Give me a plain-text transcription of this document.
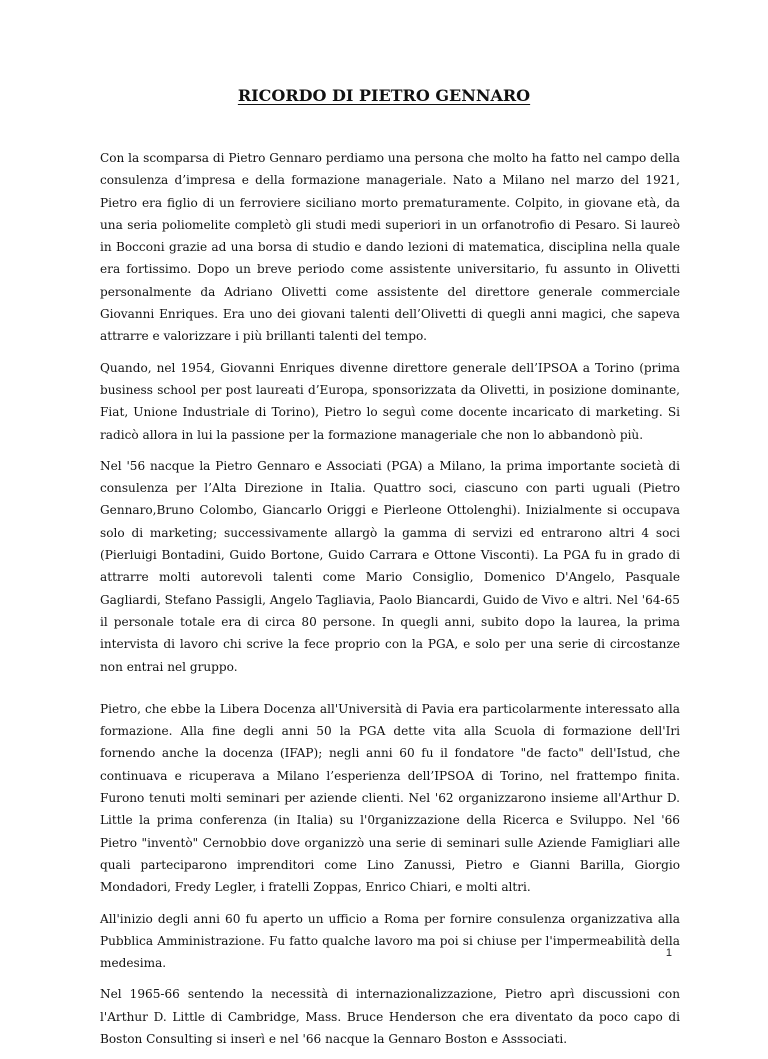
RICORDO DI PIETRO GENNARO

Con la scomparsa di Pietro Gennaro perdiamo una persona che molto ha fatto nel campo della consulenza d’impresa e della formazione manageriale. Nato a Milano nel marzo del 1921, Pietro era figlio di un ferroviere siciliano morto prematuramente. Colpito, in giovane età, da una seria poliomelite completò gli studi medi superiori in un orfanotrofio di Pesaro. Si laureò in Bocconi grazie ad una borsa di studio e dando lezioni di matematica, disciplina nella quale era fortissimo. Dopo un breve periodo come assistente universitario, fu assunto in Olivetti personalmente da Adriano Olivetti come assistente del direttore generale commerciale Giovanni Enriques. Era uno dei giovani talenti dell’Olivetti di quegli anni magici, che sapeva attrarre e valorizzare i più brillanti talenti del tempo.

Quando, nel 1954, Giovanni Enriques divenne direttore generale dell’IPSOA a Torino (prima business school per post laureati d’Europa, sponsorizzata da Olivetti, in posizione dominante, Fiat, Unione Industriale di Torino), Pietro lo seguì come docente incaricato di marketing. Si radicò allora in lui la passione per la formazione manageriale che non lo abbandonò più.

Nel '56 nacque la Pietro Gennaro e Associati (PGA) a Milano, la prima importante società di consulenza per l’Alta Direzione in Italia. Quattro soci, ciascuno con parti uguali (Pietro Gennaro,Bruno Colombo, Giancarlo Origgi e Pierleone Ottolenghi). Inizialmente si occupava solo di marketing; successivamente allargò la gamma di servizi ed entrarono altri 4 soci (Pierluigi Bontadini, Guido Bortone, Guido Carrara e Ottone Visconti). La PGA fu in grado di attrarre molti autorevoli talenti come Mario Consiglio, Domenico D'Angelo, Pasquale Gagliardi, Stefano Passigli, Angelo Tagliavia, Paolo Biancardi, Guido de Vivo e altri. Nel '64-65 il personale totale era di circa 80 persone. In quegli anni, subito dopo la laurea, la prima intervista di lavoro chi scrive la fece proprio con la PGA, e solo per una serie di circostanze non entrai nel gruppo.

Pietro, che ebbe la Libera Docenza all'Università di Pavia era particolarmente interessato alla formazione. Alla fine degli anni 50 la PGA dette vita alla Scuola di formazione dell'Iri fornendo anche la docenza (IFAP); negli anni 60 fu il fondatore "de facto" dell'Istud, che continuava e ricuperava a Milano l’esperienza dell’IPSOA di Torino, nel frattempo finita. Furono tenuti molti seminari per aziende clienti. Nel '62 organizzarono insieme all'Arthur D. Little la prima conferenza (in Italia) su l'0rganizzazione della Ricerca e Sviluppo. Nel '66 Pietro "inventò" Cernobbio dove organizzò una serie di seminari sulle Aziende Famigliari alle quali parteciparono imprenditori come Lino Zanussi, Pietro e Gianni Barilla, Giorgio Mondadori, Fredy Legler, i fratelli Zoppas, Enrico Chiari, e molti altri.

All'inizio degli anni 60 fu aperto un ufficio a Roma per fornire consulenza organizzativa alla Pubblica Amministrazione. Fu fatto qualche lavoro ma poi si chiuse per l'impermeabilità della medesima.

Nel 1965-66 sentendo la necessità di internazionalizzazione, Pietro aprì discussioni con l'Arthur D. Little di Cambridge, Mass. Bruce Henderson che era diventato da poco capo di Boston Consulting si inserì e nel '66 nacque la Gennaro Boston e Asssociati.

1
